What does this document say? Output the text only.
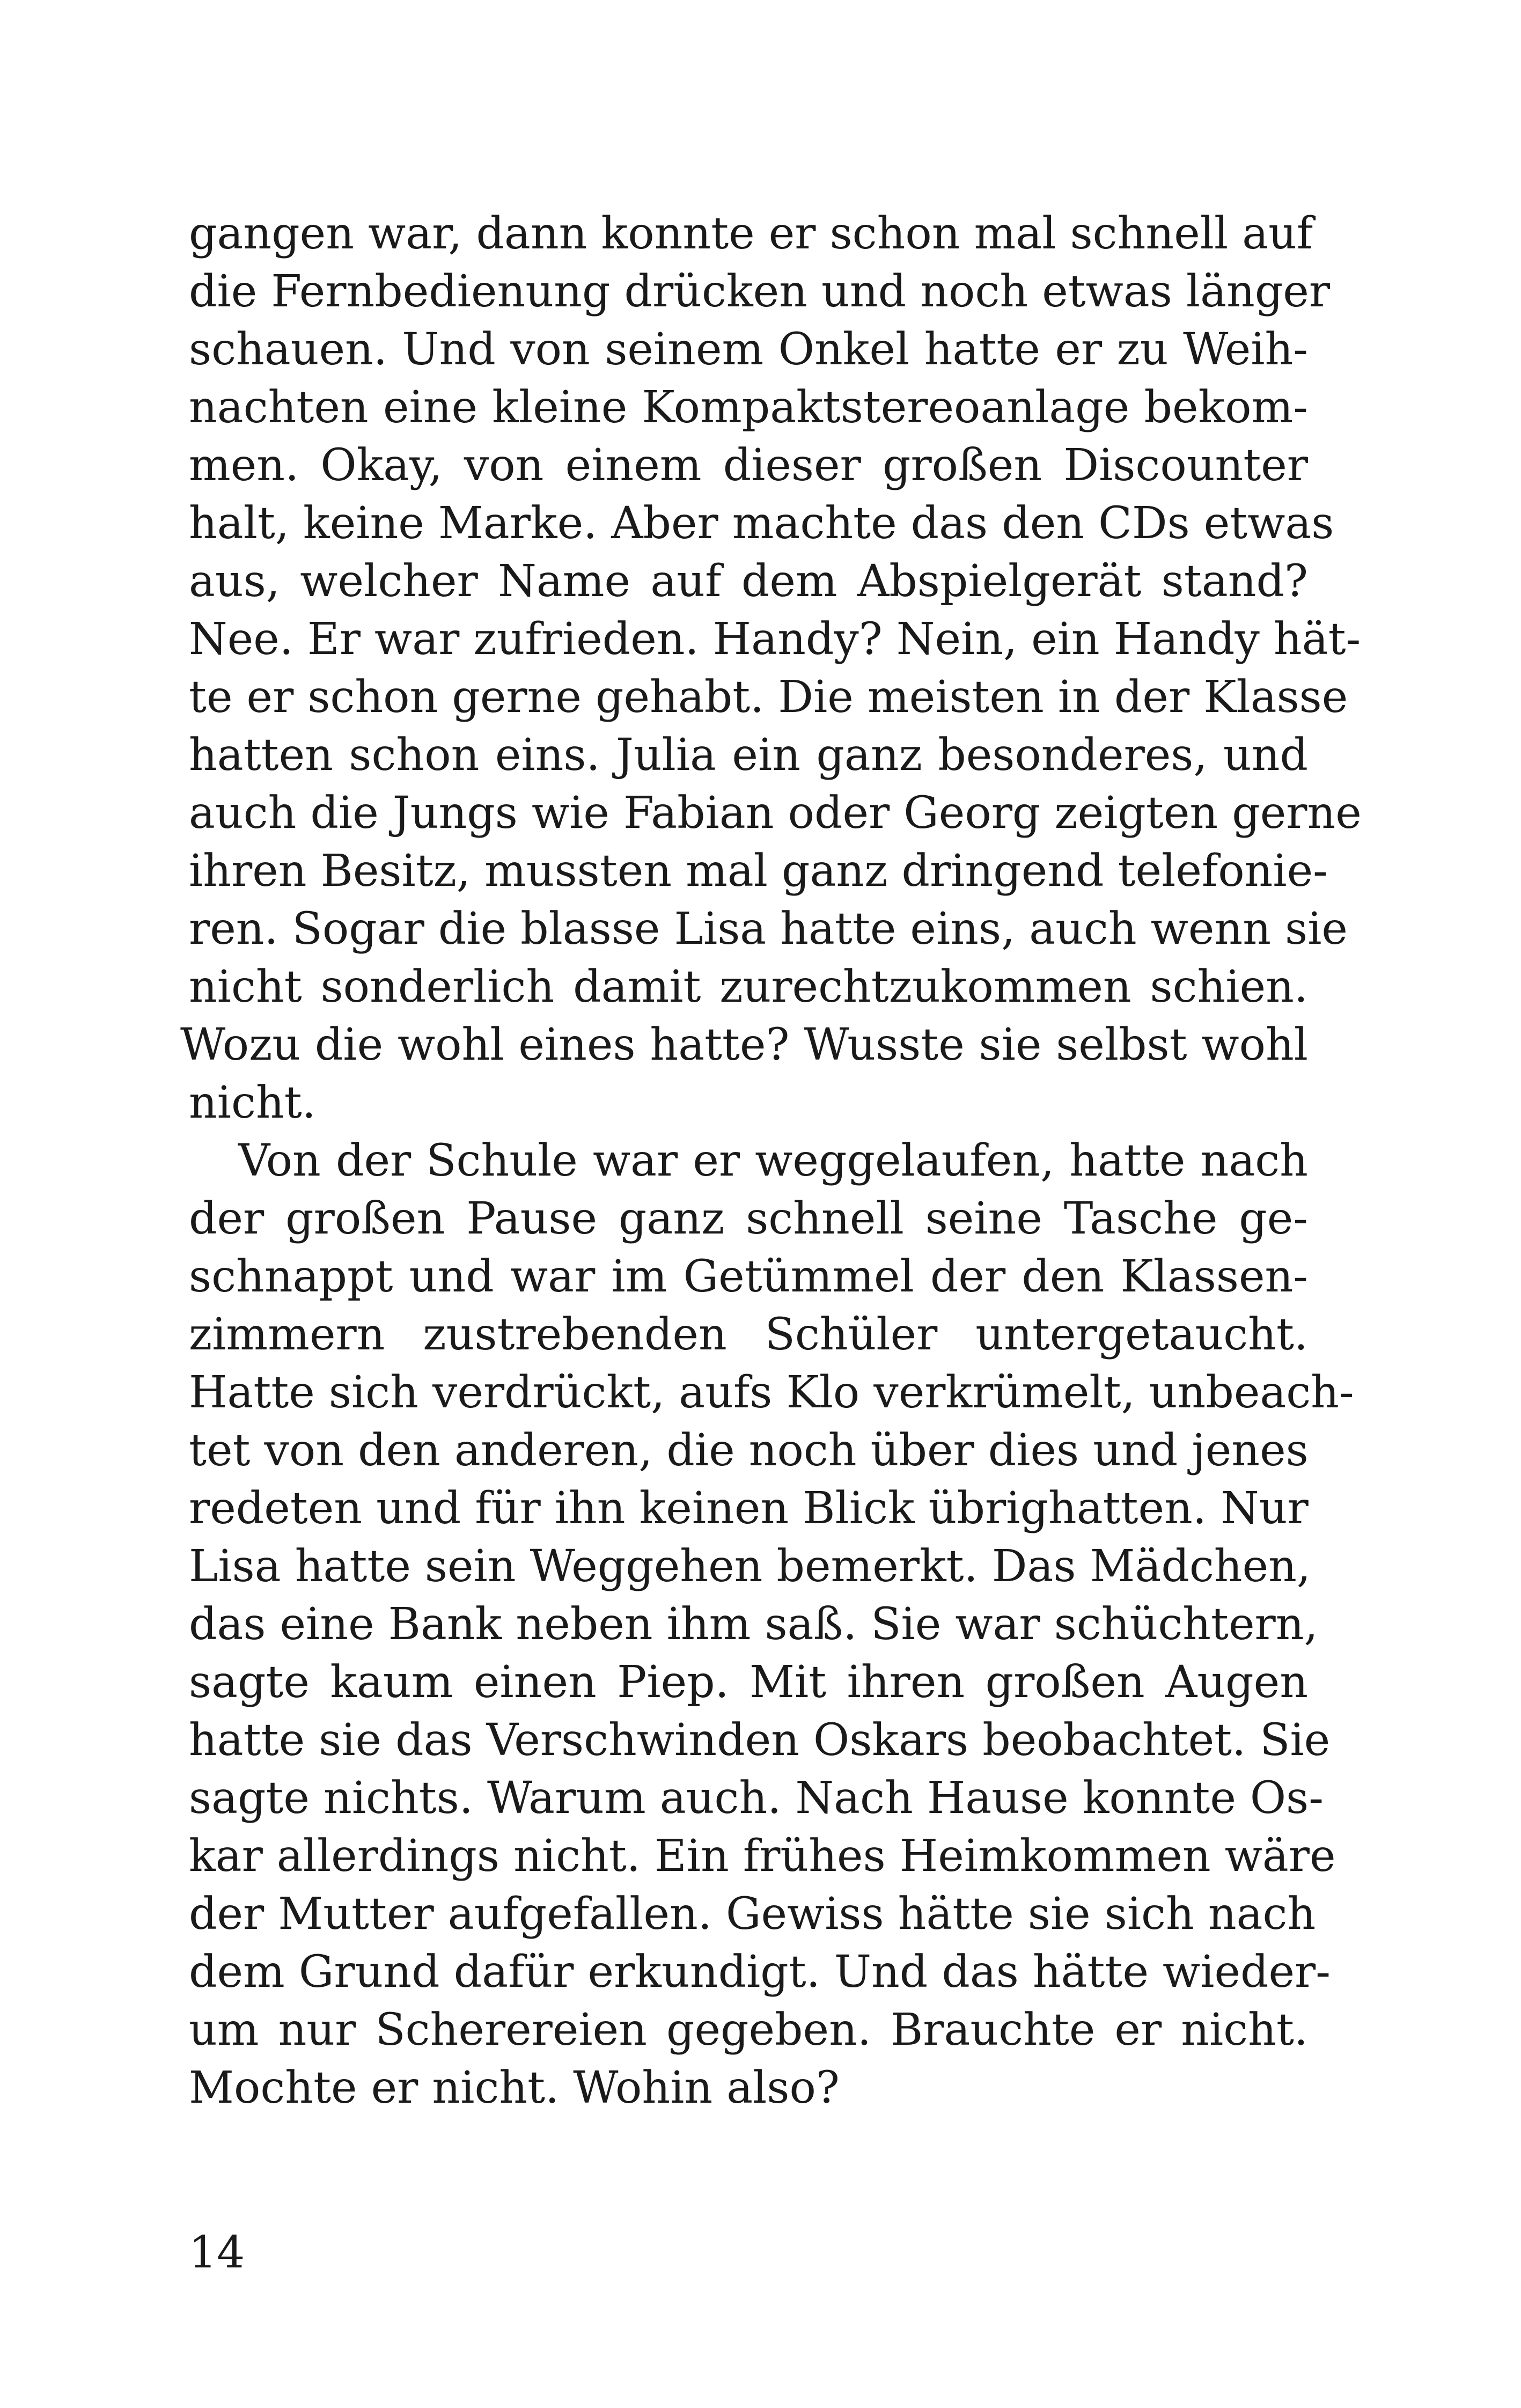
gangen war, dann konnte er schon mal schnell auf
die Fernbedienung drücken und noch etwas länger
schauen. Und von seinem Onkel hatte er zu Weih-
nachten eine kleine Kompaktstereoanlage bekom-
men. Okay, von einem dieser großen Discounter
halt, keine Marke. Aber machte das den CDs etwas
aus, welcher Name auf dem Abspielgerät stand?
Nee. Er war zufrieden. Handy? Nein, ein Handy hät-
te er schon gerne gehabt. Die meisten in der Klasse
hatten schon eins. Julia ein ganz besonderes, und
auch die Jungs wie Fabian oder Georg zeigten gerne
ihren Besitz, mussten mal ganz dringend telefonie-
ren. Sogar die blasse Lisa hatte eins, auch wenn sie
nicht sonderlich damit zurechtzukommen schien.
Wozu die wohl eines hatte? Wusste sie selbst wohl
nicht.
Von der Schule war er weggelaufen, hatte nach
der großen Pause ganz schnell seine Tasche ge-
schnappt und war im Getümmel der den Klassen-
zimmern zustrebenden Schüler untergetaucht.
Hatte sich verdrückt, aufs Klo verkrümelt, unbeach-
tet von den anderen, die noch über dies und jenes
redeten und für ihn keinen Blick übrighatten. Nur
Lisa hatte sein Weggehen bemerkt. Das Mädchen,
das eine Bank neben ihm saß. Sie war schüchtern,
sagte kaum einen Piep. Mit ihren großen Augen
hatte sie das Verschwinden Oskars beobachtet. Sie
sagte nichts. Warum auch. Nach Hause konnte Os-
kar allerdings nicht. Ein frühes Heimkommen wäre
der Mutter aufgefallen. Gewiss hätte sie sich nach
dem Grund dafür erkundigt. Und das hätte wieder-
um nur Scherereien gegeben. Brauchte er nicht.
Mochte er nicht. Wohin also?
14
